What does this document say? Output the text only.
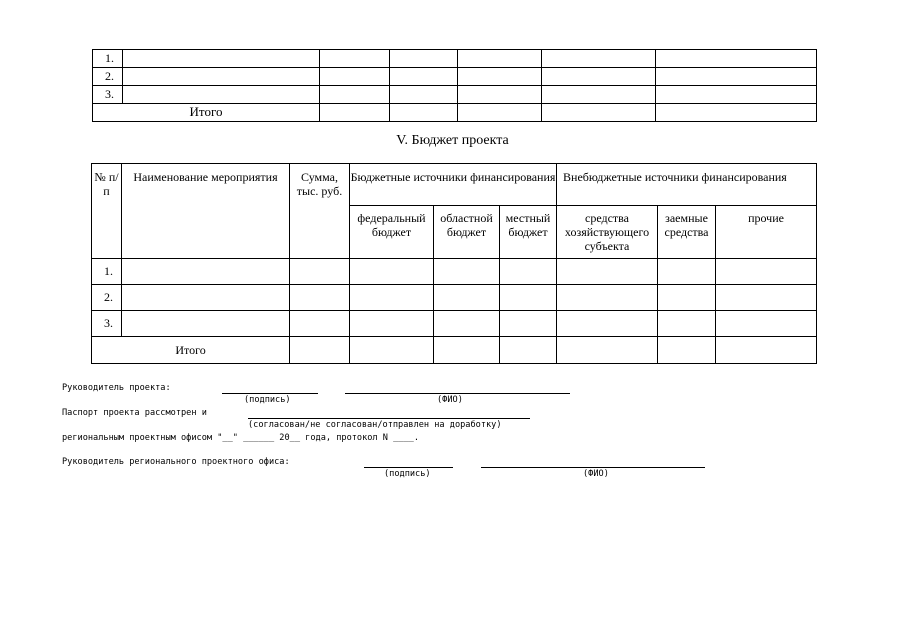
1.						
2.						
3.						
Итого						
V. Бюджет проекта
№ п/п	Наименование мероприятия	Сумма, тыс. руб.	Бюджетные источники финансирования			Внебюджетные источники финансирования		
			федеральный бюджет	областной бюджет	местный бюджет	средства хозяйствующего субъекта	заемные средства	прочие
1.								
2.								
3.								
Итого								
Руководитель проекта:
(подпись)	(ФИО)
Паспорт проекта рассмотрен и
(согласован/не согласован/отправлен на доработку)
региональным проектным офисом "__" ______ 20__ года, протокол N ____.
Руководитель регионального проектного офиса:
(подпись)	(ФИО)
